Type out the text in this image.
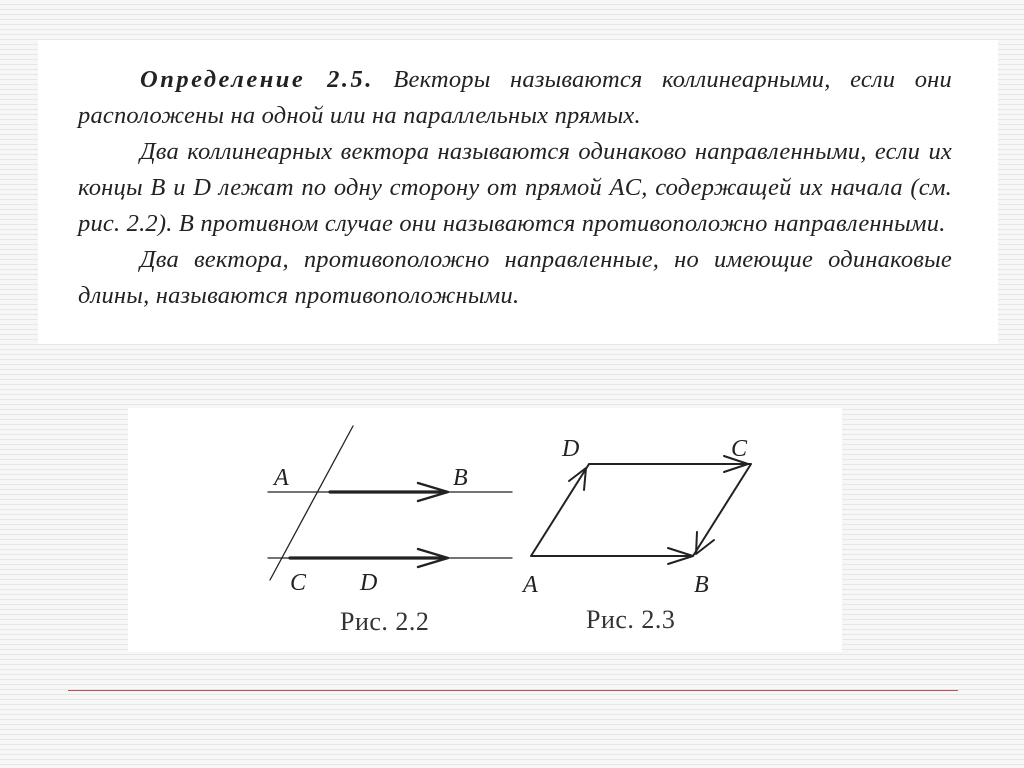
Определение 2.5. Векторы называются коллинеарными, если они расположены на одной или на параллельных прямых.

Два коллинеарных вектора называются одинаково направленными, если их концы B и D лежат по одну сторону от прямой AC, содержащей их начала (см. рис. 2.2). В противном случае они называются противоположно направленными.

Два вектора, противоположно направленные, но имеющие одинаковые длины, называются противоположными.

A	B
C D
Рис. 2.2
D	C
A	B
Рис. 2.3
